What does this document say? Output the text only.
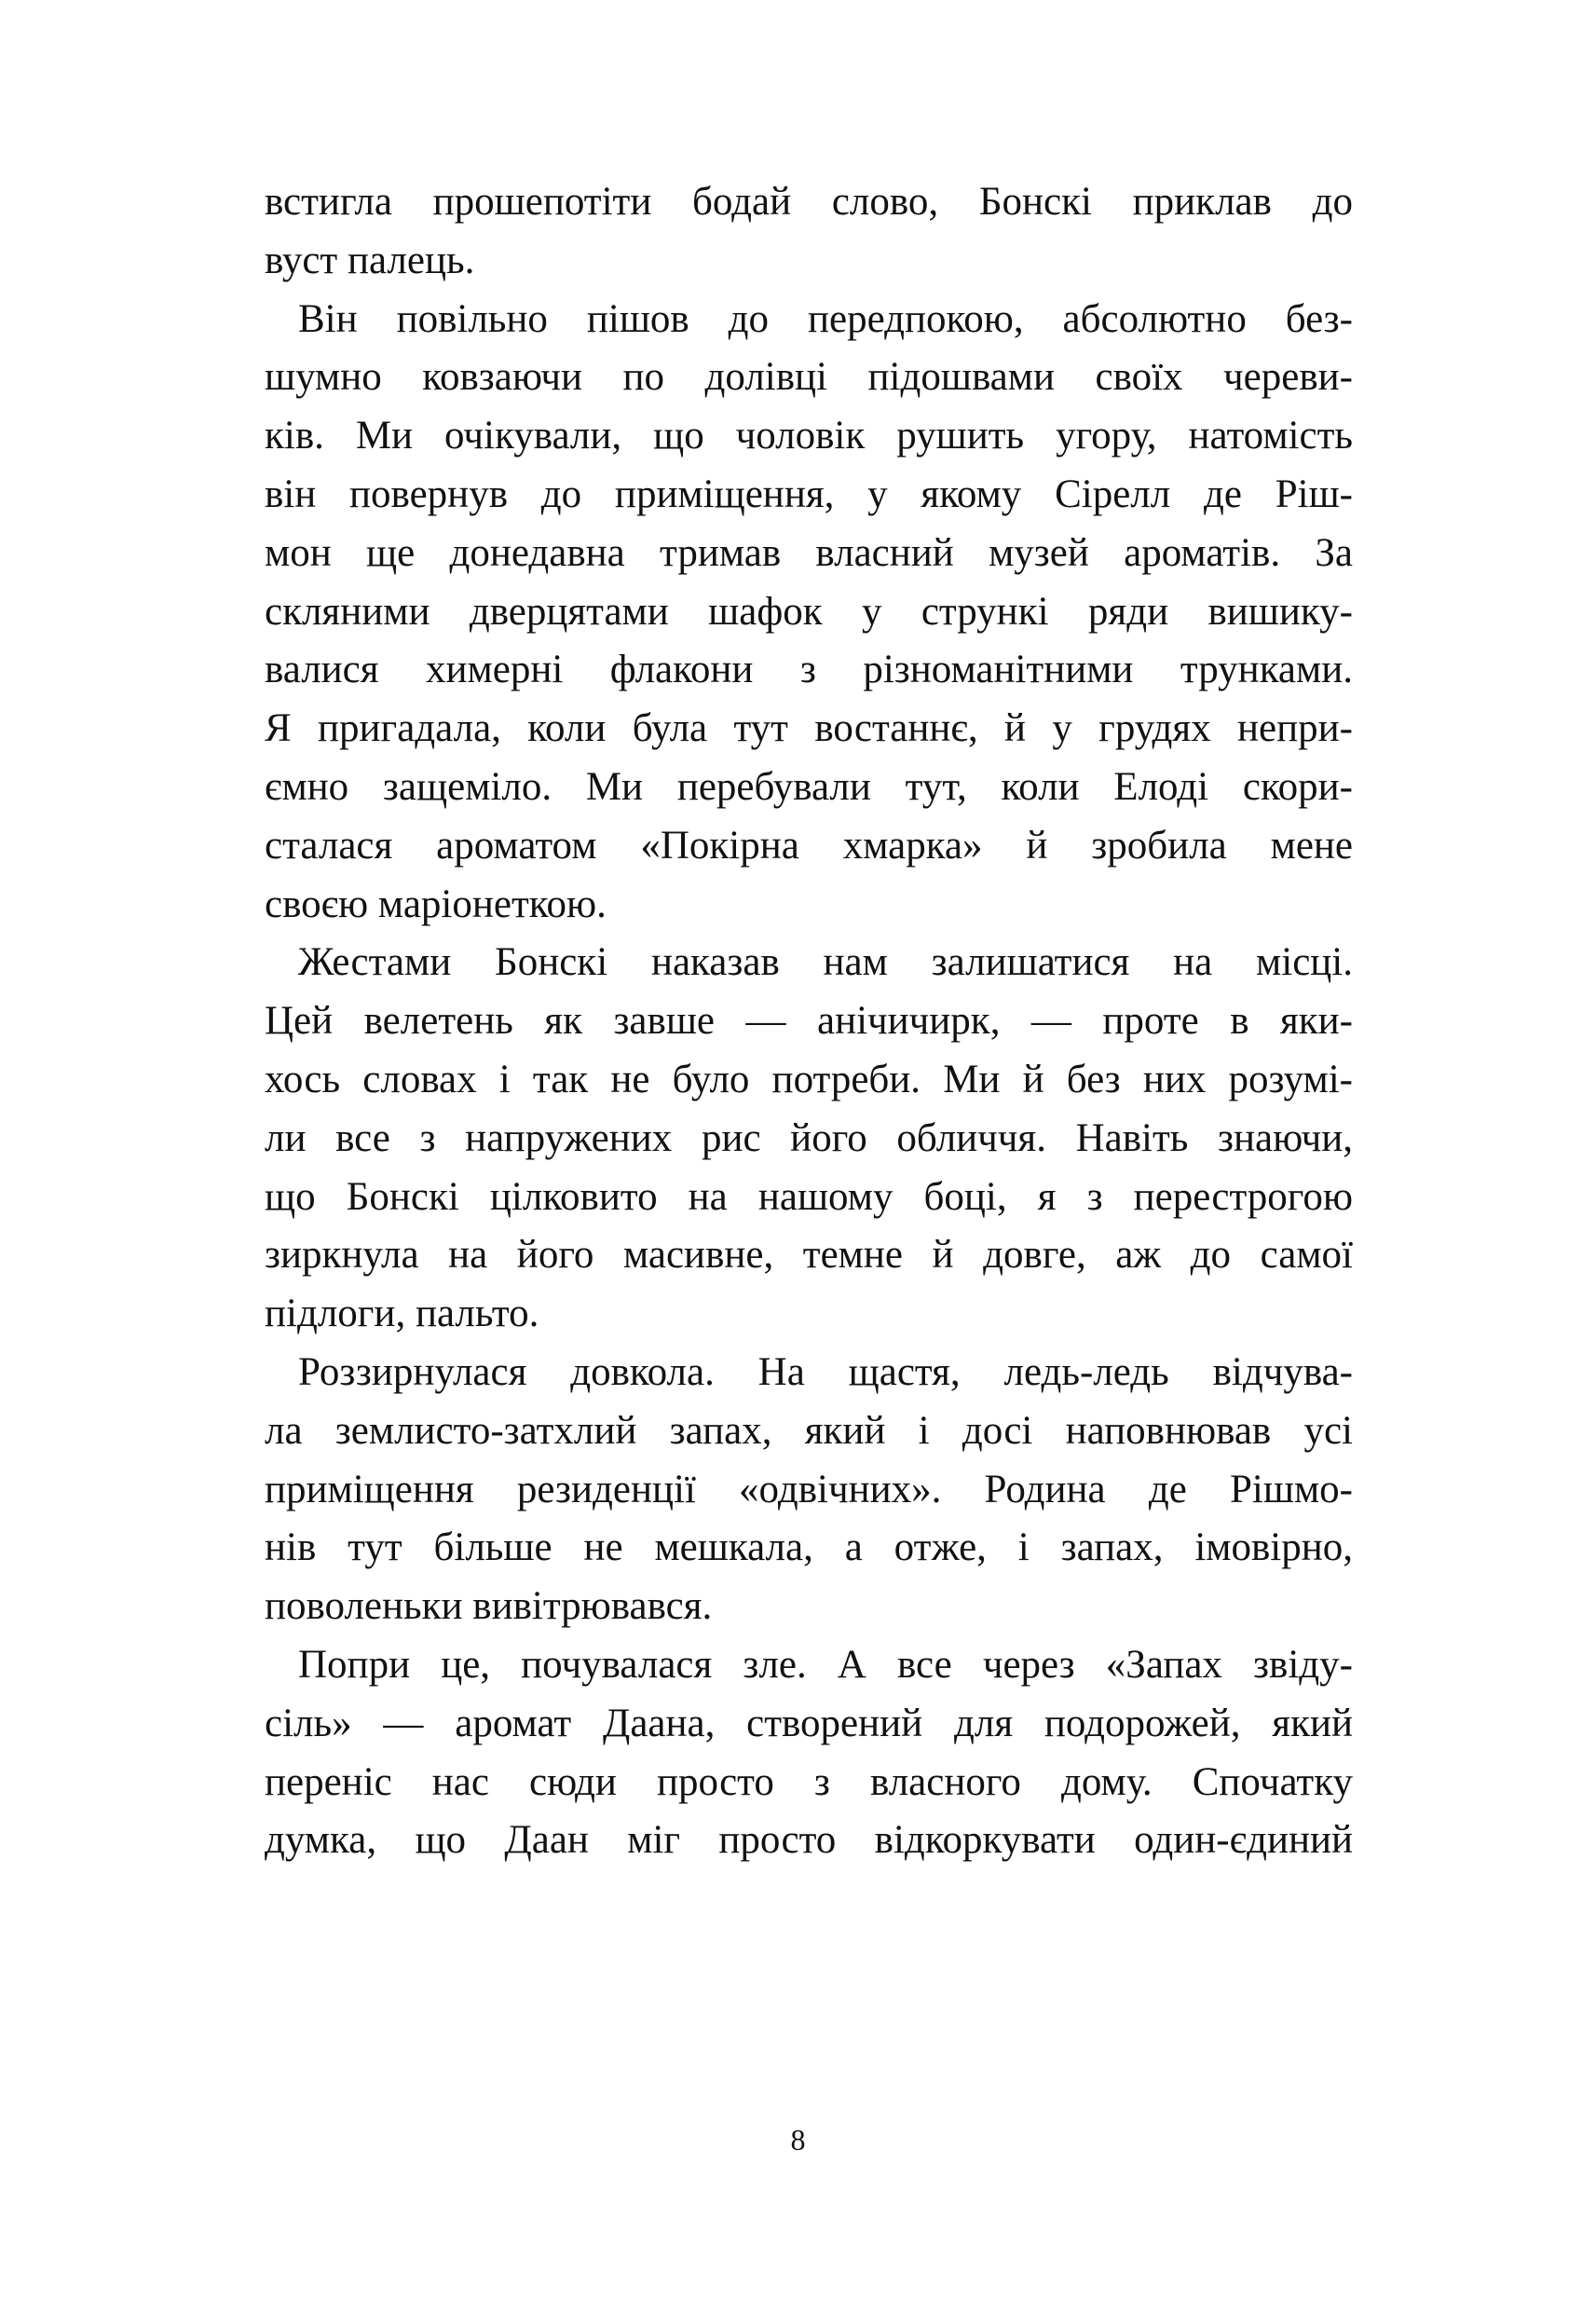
встигла прошепотіти бодай слово, Бонскі приклав до
вуст палець.
Він повільно пішов до передпокою, абсолютно без-
шумно ковзаючи по долівці підошвами своїх череви-
ків. Ми очікували, що чоловік рушить угору, натомість
він повернув до приміщення, у якому Сірелл де Ріш-
мон ще донедавна тримав власний музей ароматів. За
скляними дверцятами шафок у стрункі ряди вишику-
валися химерні флакони з різноманітними трунками.
Я пригадала, коли була тут востаннє, й у грудях непри-
ємно защеміло. Ми перебували тут, коли Елоді скори-
сталася ароматом «Покірна хмарка» й зробила мене
своєю маріонеткою.
Жестами Бонскі наказав нам залишатися на місці.
Цей велетень як завше — анічичирк, — проте в яки-
хось словах і так не було потреби. Ми й без них розумі-
ли все з напружених рис його обличчя. Навіть знаючи,
що Бонскі цілковито на нашому боці, я з перестрогою
зиркнула на його масивне, темне й довге, аж до самої
підлоги, пальто.
Роззирнулася довкола. На щастя, ледь-ледь відчува-
ла землисто-затхлий запах, який і досі наповнював усі
приміщення резиденції «одвічних». Родина де Рішмо-
нів тут більше не мешкала, а отже, і запах, імовірно,
поволеньки вивітрювався.
Попри це, почувалася зле. А все через «Запах звіду-
сіль» — аромат Даана, створений для подорожей, який
переніс нас сюди просто з власного дому. Спочатку
думка, що Даан міг просто відкоркувати один-єдиний
8
